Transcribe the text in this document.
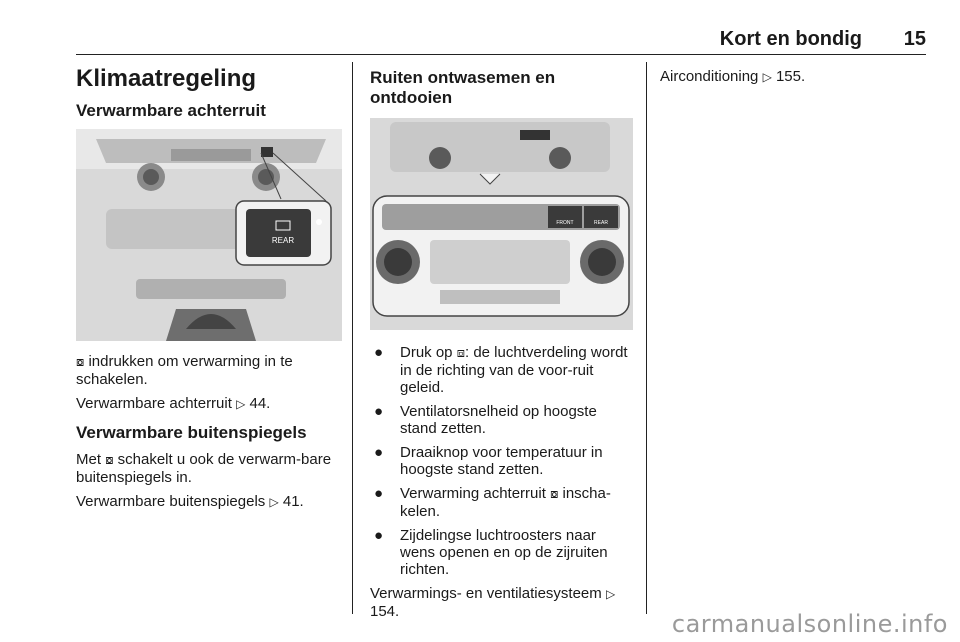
Kort en bondig 15
Klimaatregeling
Verwarmbare achterruit
REAR

⧇ indrukken om verwarming in te schakelen.

Verwarmbare achterruit ▷ 44.

Verwarmbare buitenspiegels

Met ⧇ schakelt u ook de verwarm-bare buitenspiegels in.

Verwarmbare buitenspiegels ▷ 41.

Ruiten ontwasemen en ontdooien
FRONT	REAR
● Druk op ⧈: de luchtverdeling wordt in de richting van de voor-ruit geleid.
● Ventilatorsnelheid op hoogste stand zetten.
● Draaiknop voor temperatuur in hoogste stand zetten.
● Verwarming achterruit ⧇ inscha-kelen.
● Zijdelingse luchtroosters naar wens openen en op de zijruiten richten.

Verwarmings- en ventilatiesysteem ▷ 154.

Airconditioning ▷ 155.

carmanualsonline.info
